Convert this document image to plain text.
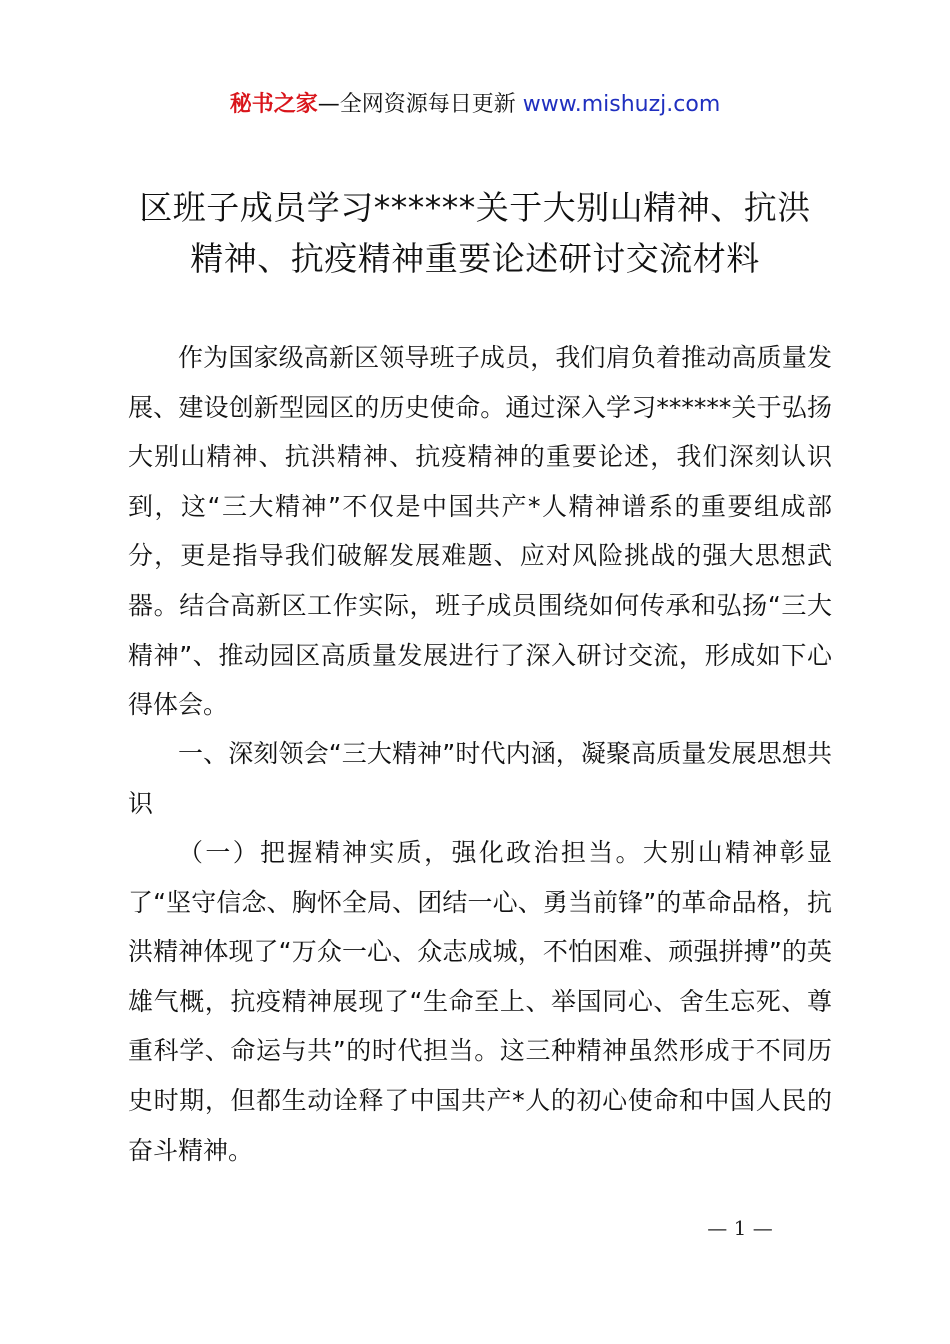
秘书之家—全网资源每日更新 www.mishuzj.com
区班子成员学习******关于大别山精神、抗洪
精神、抗疫精神重要论述研讨交流材料

作为国家级高新区领导班子成员，我们肩负着推动高质量发展、建设创新型园区的历史使命。通过深入学习******关于弘扬大别山精神、抗洪精神、抗疫精神的重要论述，我们深刻认识到，这“三大精神”不仅是中国共产*人精神谱系的重要组成部分，更是指导我们破解发展难题、应对风险挑战的强大思想武器。结合高新区工作实际，班子成员围绕如何传承和弘扬“三大精神”、推动园区高质量发展进行了深入研讨交流，形成如下心得体会。

一、深刻领会“三大精神”时代内涵，凝聚高质量发展思想共识

（一）把握精神实质，强化政治担当。大别山精神彰显了“坚守信念、胸怀全局、团结一心、勇当前锋”的革命品格，抗洪精神体现了“万众一心、众志成城，不怕困难、顽强拼搏”的英雄气概，抗疫精神展现了“生命至上、举国同心、舍生忘死、尊重科学、命运与共”的时代担当。这三种精神虽然形成于不同历史时期，但都生动诠释了中国共产*人的初心使命和中国人民的奋斗精神。

— 1 —
